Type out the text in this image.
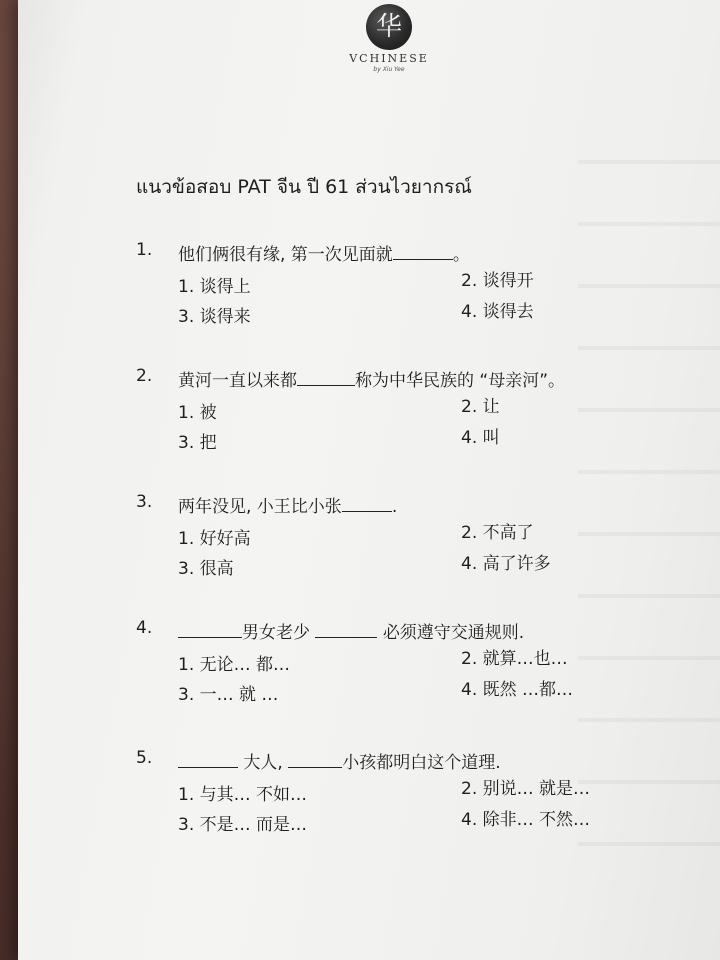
华
VCHINESE
by Xiu Yee
แนวข้อสอบ PAT จีน ปี 61 ส่วนไวยากรณ์
1. 他们俩很有缘, 第一次见面就	。
1. 谈得上	2. 谈得开
3. 谈得来	4. 谈得去
2. 黄河一直以来都	称为中华民族的 “母亲河”。
1. 被	2. 让
3. 把	4. 叫
3. 两年没见, 小王比小张	.
1. 好好高	2. 不高了
3. 很高	4. 高了许多
4.	男女老少	必须遵守交通规则.
1. 无论… 都…	2. 就算…也…
3. 一… 就 …	4. 既然 …都…
5.	大人,	小孩都明白这个道理.
1. 与其… 不如…	2. 别说… 就是…
3. 不是… 而是…	4. 除非… 不然…
